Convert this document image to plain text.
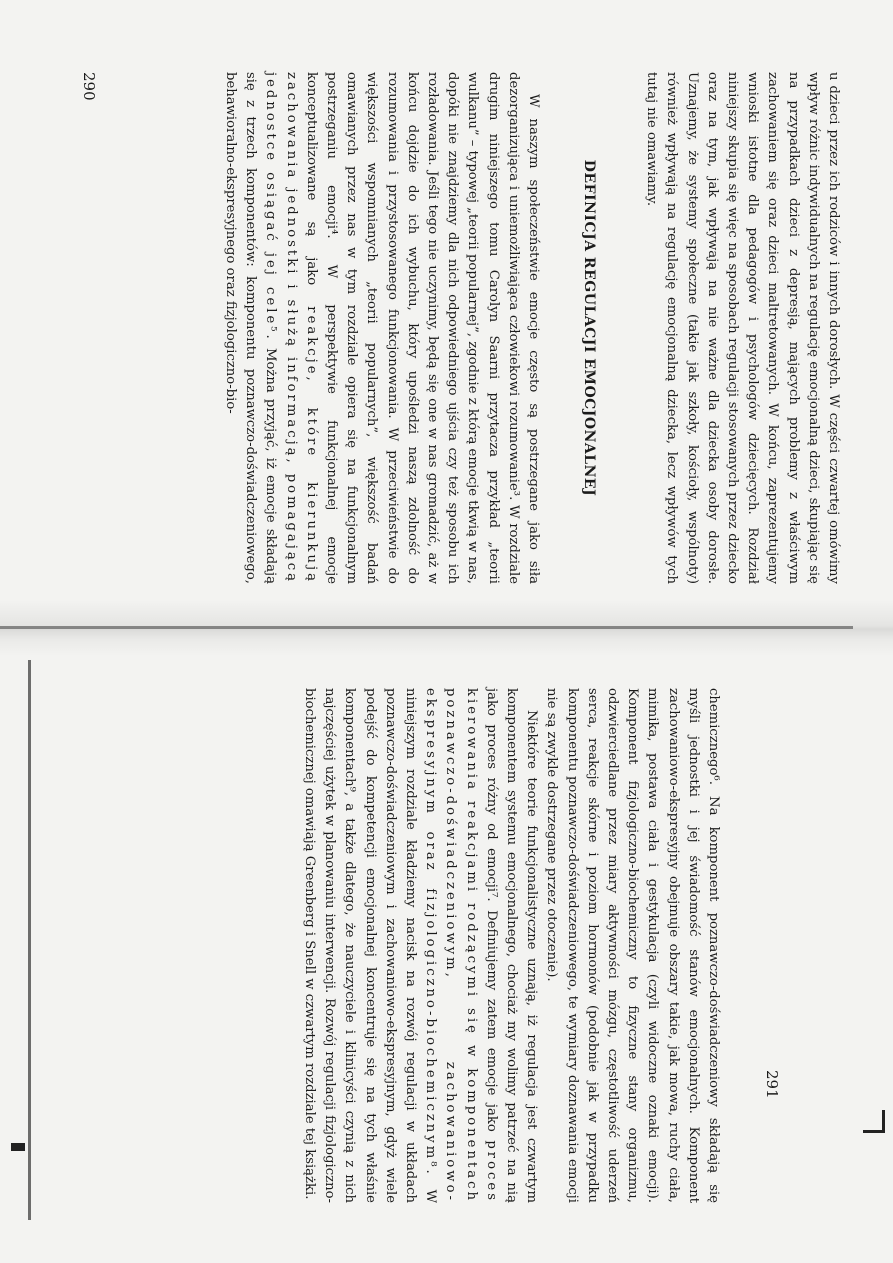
u dzieci przez ich rodziców i innych dorosłych. W części czwartej omówimy wpływ różnic indywidualnych na regulację emocjonalną dzieci, skupiając się na przypadkach dzieci z depresją, mających problemy z właściwym zachowaniem się oraz dzieci maltretowanych. W końcu, zaprezentujemy wnioski istotne dla pedagogów i psychologów dziecięcych. Rozdział niniejszy skupia się więc na sposobach regulacji stosowanych przez dziecko oraz na tym, jak wpływają na nie ważne dla dziecka osoby dorosłe. Uznajemy, że systemy społeczne (takie jak szkoły, kościoły, wspólnoty) również wpływają na regulację emocjonalną dziecka, lecz wpływów tych tutaj nie omawiamy.

DEFINICJA REGULACJI EMOCJONALNEJ

W naszym społeczeństwie emocje często są postrzegane jako siła dezorganizująca i uniemożliwiająca człowiekowi rozumowanie³. W rozdziale drugim niniejszego tomu Carolyn Saarni przytacza przykład „teorii wulkanu” – typowej „teorii popularnej”, zgodnie z którą emocje tkwią w nas, dopóki nie znajdziemy dla nich odpowiedniego ujścia czy też sposobu ich rozładowania. Jeśli tego nie uczynimy, będą się one w nas gromadzić, aż w końcu dojdzie do ich wybuchu, który upośledzi naszą zdolność do rozumowania i przystosowanego funkcjonowania. W przeciwieństwie do większości wspomnianych „teorii popularnych”, większość badań omawianych przez nas w tym rozdziale opiera się na funkcjonalnym postrzeganiu emocji⁴. W perspektywie funkcjonalnej emocje konceptualizowane są jako reakcje, które kierunkują zachowania jednostki i służą informacją, pomagającą jednostce osiągać jej cele⁵. Można przyjąć, iż emocje składają się z trzech komponentów: komponentu poznawczo-doświadczeniowego, behawioralno-ekspresyjnego oraz fizjologiczno-bio-

290

291

chemicznego⁶. Na komponent poznawczo-doświadczeniowy składają się myśli jednostki i jej świadomość stanów emocjonalnych. Komponent zachowaniowo-ekspresyjny obejmuje obszary takie, jak mowa, ruchy ciała, mimika, postawa ciała i gestykulacja (czyli widoczne oznaki emocji). Komponent fizjologiczno-biochemiczny to fizyczne stany organizmu, odzwierciedlane przez miary aktywności mózgu, częstotliwość uderzeń serca, reakcje skórne i poziom hormonów (podobnie jak w przypadku komponentu poznawczo-doświadczeniowego, te wymiary doznawania emocji nie są zwykle dostrzegane przez otoczenie).

Niektóre teorie funkcjonalistyczne uznają, iż regulacja jest czwartym komponentem systemu emocjonalnego, chociaż my wolimy patrzeć na nią jako proces różny od emocji⁷. Definiujemy zatem emocje jako proces kierowania reakcjami rodzącymi się w komponentach poznawczo-doświadczeniowym, zachowaniowo-ekspresyjnym oraz fizjologiczno-biochemicznym⁸. W niniejszym rozdziale kładziemy nacisk na rozwój regulacji w układach poznawczo-doświadczeniowym i zachowaniowo-ekspresyjnym, gdyż wiele podejść do kompetencji emocjonalnej koncentruje się na tych właśnie komponentach⁹, a także dlatego, że nauczyciele i klinicyści czynią z nich najczęściej użytek w planowaniu interwencji. Rozwój regulacji fizjologiczno-biochemicznej omawiają Greenberg i Snell w czwartym rozdziale tej książki.
